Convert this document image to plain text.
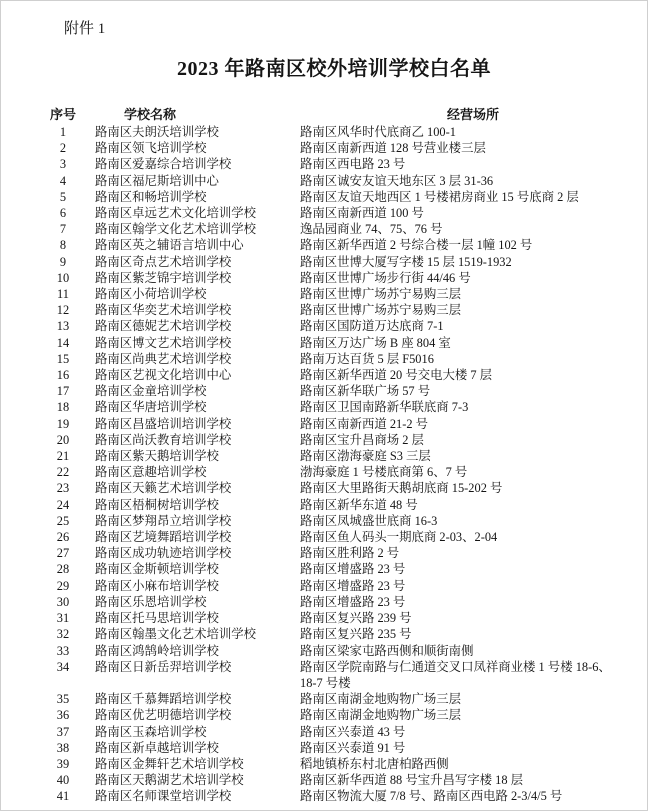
附件 1
2023 年路南区校外培训学校白名单
序号	学校名称	经营场所
1	路南区夫朗沃培训学校	路南区风华时代底商乙 100-1
2	路南区领飞培训学校	路南区南新西道 128 号营业楼三层
3	路南区爱嘉综合培训学校	路南区西电路 23 号
4	路南区福尼斯培训中心	路南区诚安友谊天地东区 3 层 31-36
5	路南区和畅培训学校	路南区友谊天地西区 1 号楼裙房商业 15 号底商 2 层
6	路南区卓远艺术文化培训学校	路南区南新西道 100 号
7	路南区翰学文化艺术培训学校	逸品园商业 74、75、76 号
8	路南区英之辅语言培训中心	路南区新华西道 2 号综合楼一层 1幢 102 号
9	路南区奇点艺术培训学校	路南区世博大厦写字楼 15 层 1519-1932
10	路南区紫芝锦宇培训学校	路南区世博广场步行街 44/46 号
11	路南区小荷培训学校	路南区世博广场苏宁易购三层
12	路南区华奕艺术培训学校	路南区世博广场苏宁易购三层
13	路南区德妮艺术培训学校	路南区国防道万达底商 7-1
14	路南区博文艺术培训学校	路南区万达广场 B 座 804 室
15	路南区尚典艺术培训学校	路南万达百货 5 层 F5016
16	路南区艺视文化培训中心	路南区新华西道 20 号交电大楼 7 层
17	路南区金童培训学校	路南区新华联广场 57 号
18	路南区华唐培训学校	路南区卫国南路新华联底商 7-3
19	路南区昌盛培训培训学校	路南区南新西道 21-2 号
20	路南区尚沃教育培训学校	路南区宝升昌商场 2 层
21	路南区紫天鹅培训学校	路南区渤海豪庭 S3 三层
22	路南区意趣培训学校	渤海豪庭 1 号楼底商第 6、7 号
23	路南区天籁艺术培训学校	路南区大里路街天鹅胡底商 15-202 号
24	路南区梧桐树培训学校	路南区新华东道 48 号
25	路南区梦翔昂立培训学校	路南区凤城盛世底商 16-3
26	路南区艺境舞蹈培训学校	路南区鱼人码头一期底商 2-03、2-04
27	路南区成功轨迹培训学校	路南区胜利路 2 号
28	路南区金斯顿培训学校	路南区增盛路 23 号
29	路南区小麻布培训学校	路南区增盛路 23 号
30	路南区乐恩培训学校	路南区增盛路 23 号
31	路南区托马思培训学校	路南区复兴路 239 号
32	路南区翰墨文化艺术培训学校	路南区复兴路 235 号
33	路南区鸿鹄岭培训学校	路南区梁家屯路西侧和顺街南侧
34	路南区日新岳羿培训学校	路南区学院南路与仁通道交叉口凤祥商业楼 1 号楼 18-6、18-7 号楼
35	路南区千慕舞蹈培训学校	路南区南湖金地购物广场三层
36	路南区优艺明德培训学校	路南区南湖金地购物广场三层
37	路南区玉森培训学校	路南区兴泰道 43 号
38	路南区新卓越培训学校	路南区兴泰道 91 号
39	路南区金舞轩艺术培训学校	稻地镇桥东村北唐柏路西侧
40	路南区天鹅湖艺术培训学校	路南区新华西道 88 号宝升昌写字楼 18 层
41	路南区名师课堂培训学校	路南区物流大厦 7/8 号、路南区西电路 2-3/4/5 号
